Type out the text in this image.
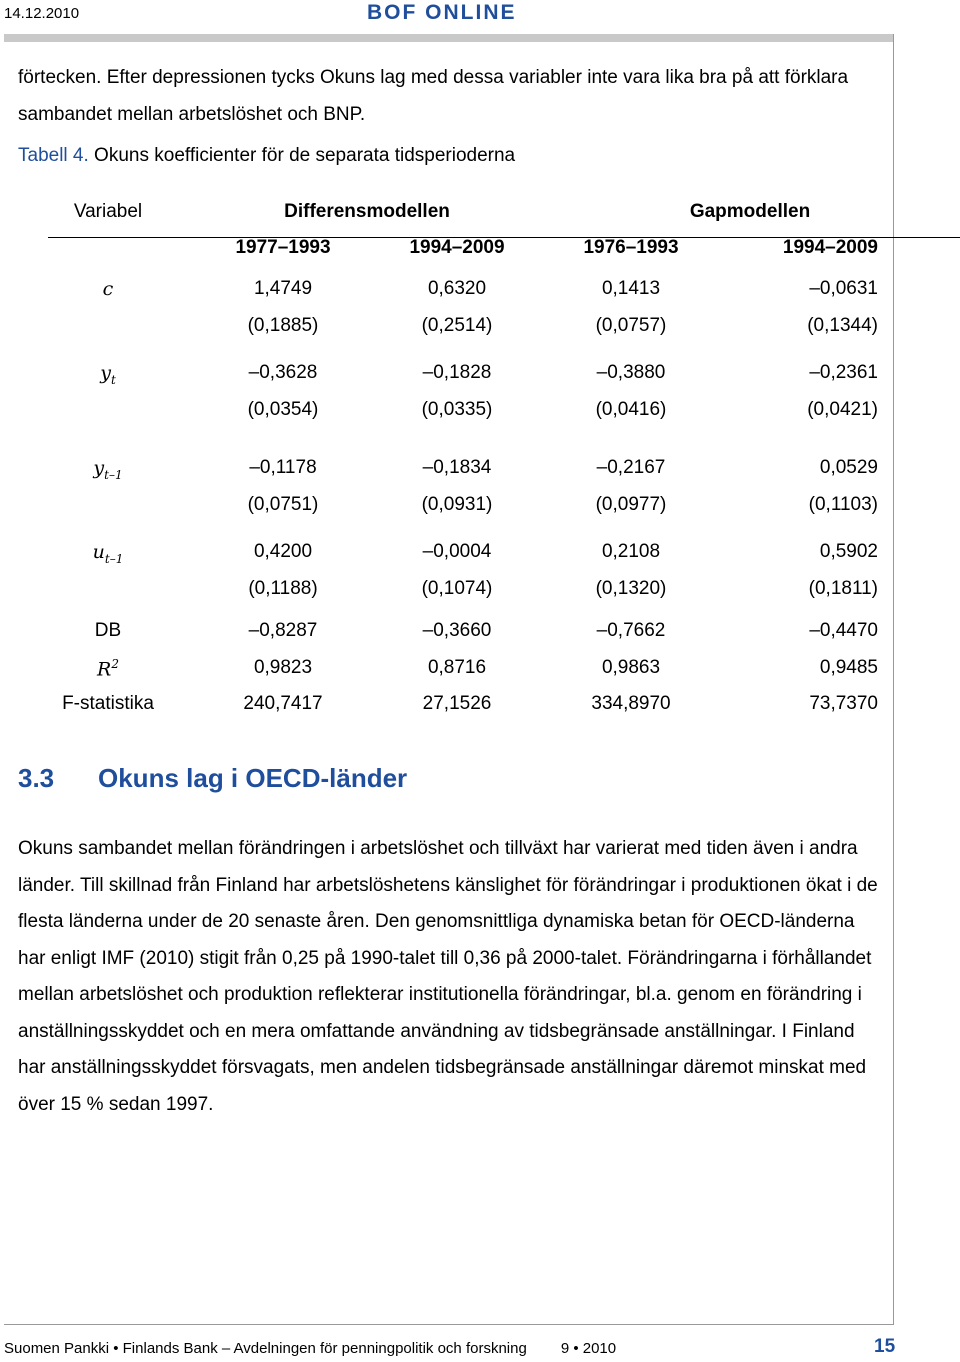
14.12.2010	BOF ONLINE

förtecken. Efter depressionen tycks Okuns lag med dessa variabler inte vara lika bra på att förklara sambandet mellan arbetslöshet och BNP.

Tabell 4. Okuns koefficienter för de separata tidsperioderna
Variabel	Differensmodellen	Gapmodellen
1977–1993	1994–2009	1976–1993	1994–2009
c	1,4749	0,6320	0,1413	–0,0631
(0,1885)	(0,2514)	(0,0757)	(0,1344)
$y_t$	–0,3628	–0,1828	–0,3880	–0,2361
(0,0354)	(0,0335)	(0,0416)	(0,0421)
$y_{t-1}$	–0,1178	–0,1834	–0,2167	0,0529
(0,0751)	(0,0931)	(0,0977)	(0,1103)
$u_{t-1}$	0,4200	–0,0004	0,2108	0,5902
(0,1188)	(0,1074)	(0,1320)	(0,1811)
DB	–0,8287	–0,3660	–0,7662	–0,4470
$R^2$	0,9823	0,8716	0,9863	0,9485
F-statistika	240,7417	27,1526	334,8970	73,7370
3.3 Okuns lag i OECD-länder

Okuns sambandet mellan förändringen i arbetslöshet och tillväxt har varierat med tiden även i andra länder. Till skillnad från Finland har arbetslöshetens känslighet för förändringar i produktionen ökat i de flesta länderna under de 20 senaste åren. Den genomsnittliga dynamiska betan för OECD-länderna har enligt IMF (2010) stigit från 0,25 på 1990-talet till 0,36 på 2000-talet. Förändringarna i förhållandet mellan arbetslöshet och produktion reflekterar institutionella förändringar, bl.a. genom en förändring i anställningsskyddet och en mera omfattande användning av tidsbegränsade anställningar. I Finland har anställningsskyddet försvagats, men andelen tidsbegränsade anställningar däremot minskat med över 15 % sedan 1997.

Suomen Pankki • Finlands Bank – Avdelningen för penningpolitik och forskning 9 • 2010	15
